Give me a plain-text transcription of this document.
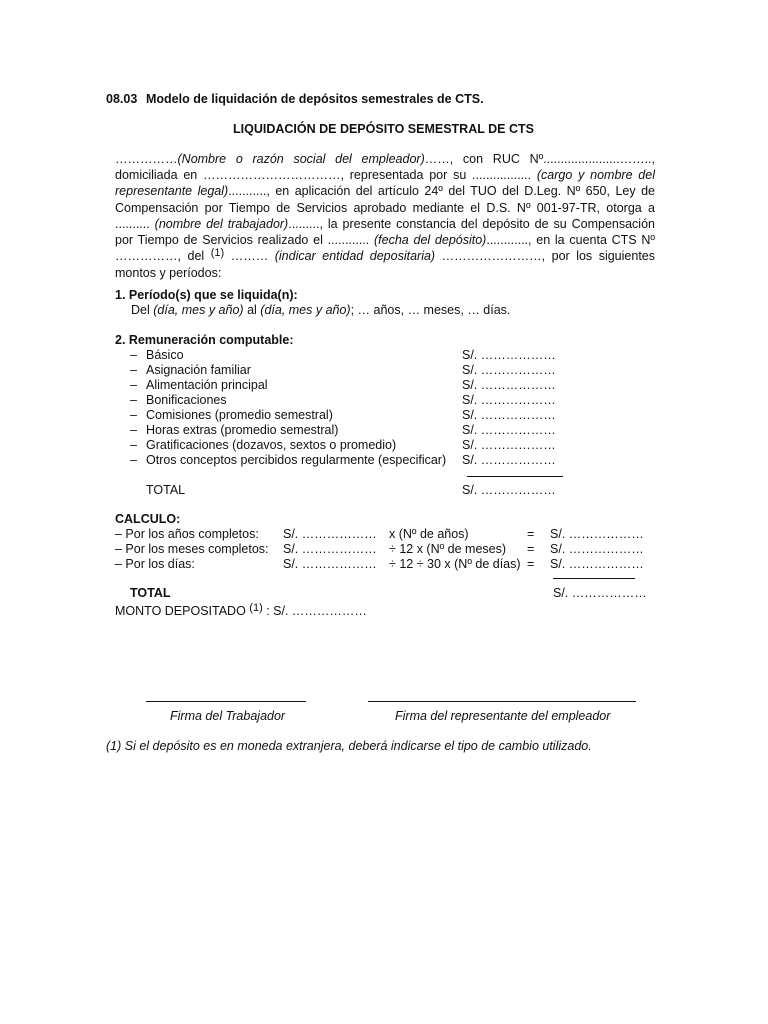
08.03 Modelo de liquidación de depósitos semestrales de CTS.
LIQUIDACIÓN DE DEPÓSITO SEMESTRAL DE CTS
……………(Nombre o razón social del empleador)……, con RUC Nº......................…….., domiciliada en ……………………………, representada por su ................. (cargo y nombre del representante legal)..........., en aplicación del artículo 24º del TUO del D.Leg. Nº 650, Ley de Compensación por Tiempo de Servicios aprobado mediante el D.S. Nº 001-97-TR, otorga a .......... (nombre del trabajador)........., la presente constancia del depósito de su Compensación por Tiempo de Servicios realizado el ............ (fecha del depósito)............, en la cuenta CTS Nº ……………, del (1) ……… (indicar entidad depositaria) ……………………, por los siguientes montos y períodos:
1. Período(s) que se liquida(n):
Del (día, mes y año) al (día, mes y año); … años, … meses, … días.
2. Remuneración computable:
– Básico	S/. ………………
– Asignación familiar	S/. ………………
– Alimentación principal	S/. ………………
– Bonificaciones	S/. ………………
– Comisiones (promedio semestral)	S/. ………………
– Horas extras (promedio semestral)	S/. ………………
– Gratificaciones (dozavos, sextos o promedio)	S/. ………………
– Otros conceptos percibidos regularmente (especificar) S/. ………………
TOTAL	S/. ………………
CALCULO:
– Por los años completos: S/. ……………… x (Nº de años)	= S/. ………………
– Por los meses completos: S/. ……………… ÷ 12 x (Nº de meses) = S/. ………………
– Por los días:	S/. ……………… ÷ 12 ÷ 30 x (Nº de días) = S/. ………………
TOTAL	S/. ………………
MONTO DEPOSITADO (1) : S/. ………………
Firma del Trabajador	Firma del representante del empleador
(1) Si el depósito es en moneda extranjera, deberá indicarse el tipo de cambio utilizado.
